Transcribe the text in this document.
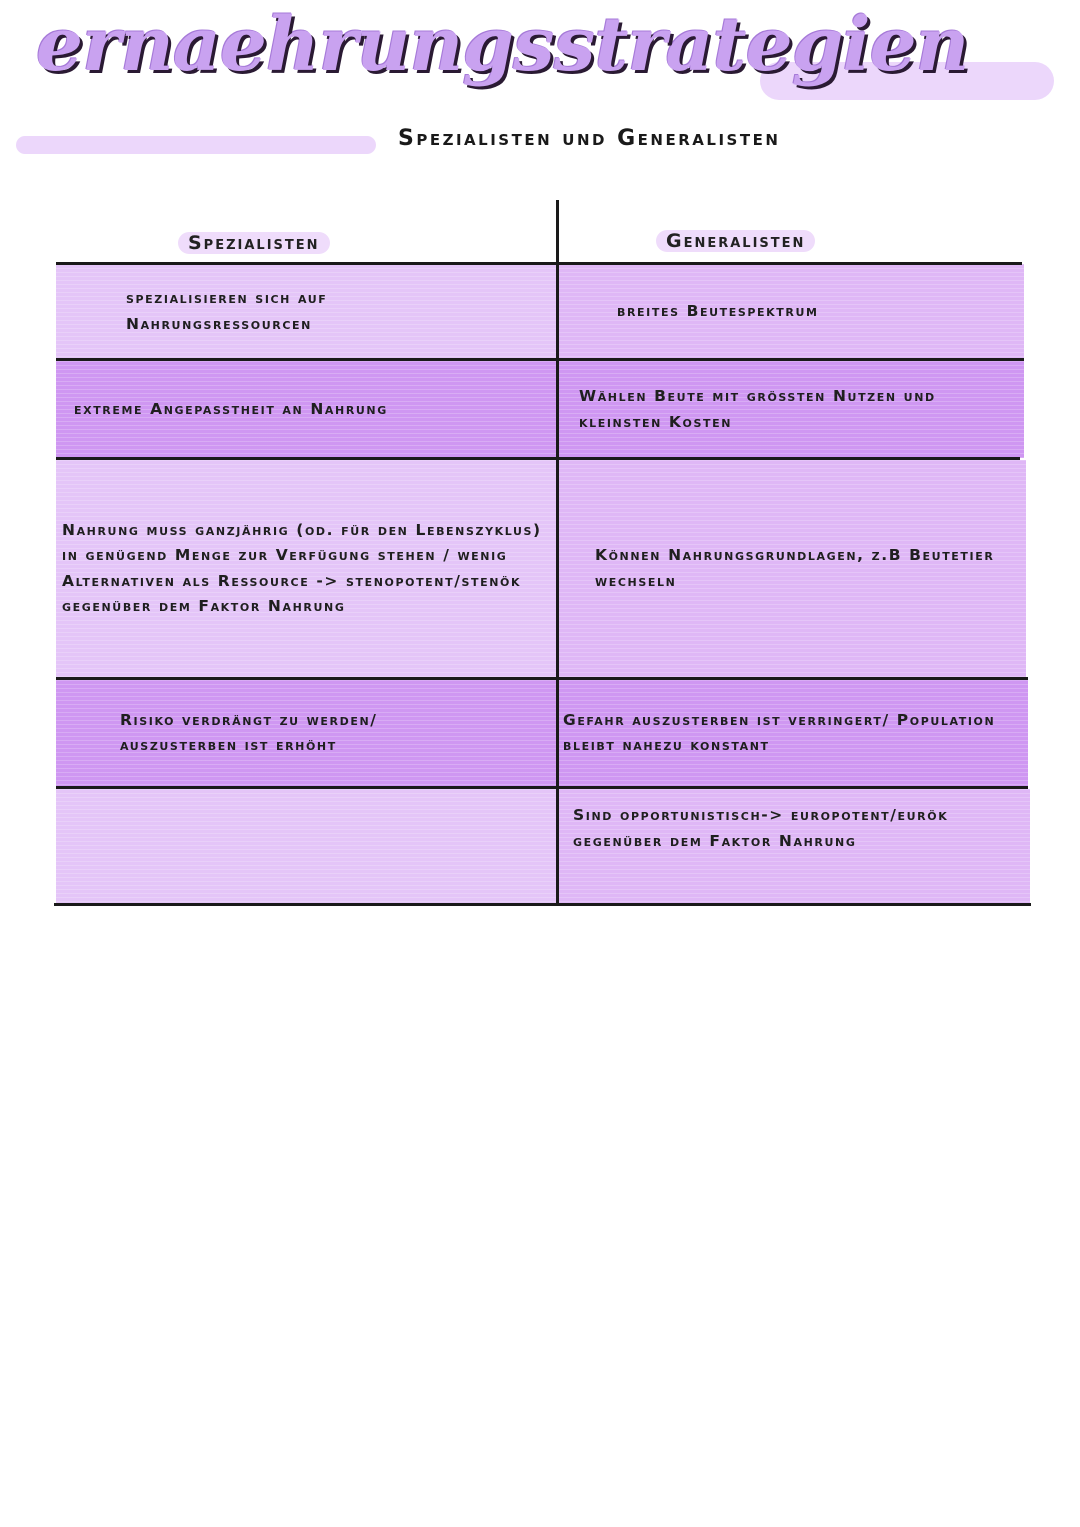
ernaehrungsstrategien
Spezialisten und Generalisten
Spezialisten	Generalisten
spezialisieren sich auf Nahrungsressourcen
breites Beutespektrum
extreme Angepasstheit an Nahrung
Wählen Beute mit grössten Nutzen und kleinsten Kosten
Nahrung muss ganzjährig (od. für den Lebenszyklus) in genügend Menge zur Verfügung stehen / wenig Alternativen als Ressource -> stenopotent/stenök gegenüber dem Faktor Nahrung
Können Nahrungsgrundlagen, z.B Beutetier wechseln
Risiko verdrängt zu werden/ auszusterben ist erhöht
Gefahr auszusterben ist verringert/ Population bleibt nahezu konstant
Sind opportunistisch-> europotent/eurök gegenüber dem Faktor Nahrung
